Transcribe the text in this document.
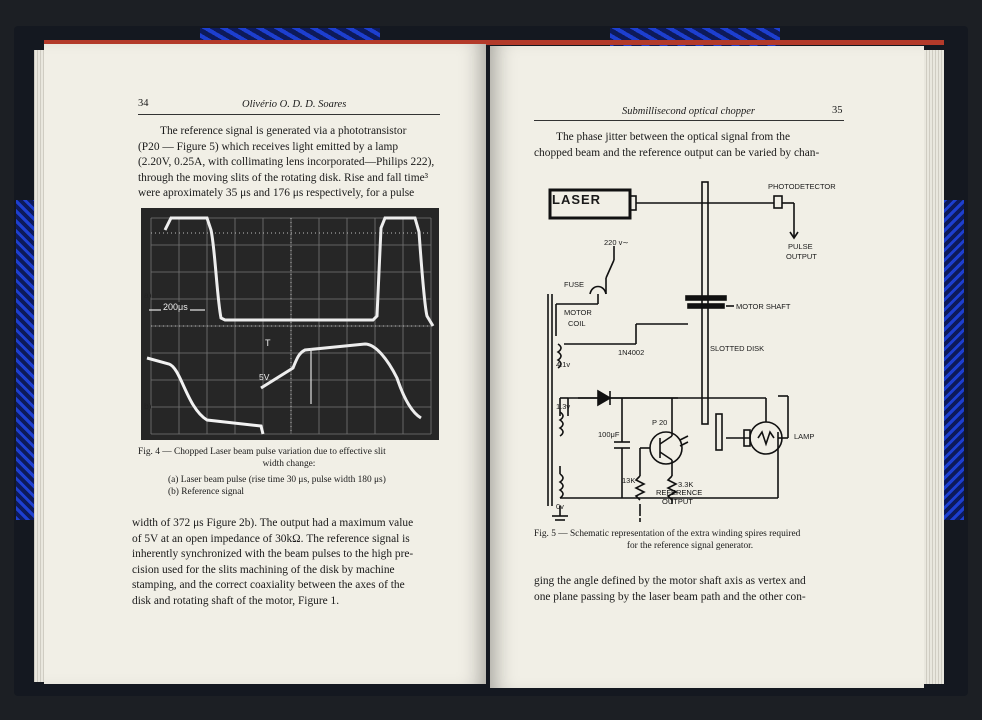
34	Olivério O. D. D. Soares
The reference signal is generated via a phototransistor
(P20 — Figure 5) which receives light emitted by a lamp
(2.20V, 0.25A, with collimating lens incorporated—Philips 222),
through the moving slits of the rotating disk. Rise and fall time³
were aproximately 35 μs and 176 μs respectively, for a pulse
200μs
5V
T
a)
b)
Fig. 4 — Chopped Laser beam pulse variation due to effective slit
width change:
(a) Laser beam pulse (rise time 30 μs, pulse width 180 μs)
(b) Reference signal
width of 372 μs Figure 2b). The output had a maximum value
of 5V at an open impedance of 30kΩ. The reference signal is
inherently synchronized with the beam pulses to the high pre-
cision used for the slits machining of the disk by machine
stamping, and the correct coaxiality between the axes of the
disk and rotating shaft of the motor, Figure 1.
Submillisecond optical chopper	35
The phase jitter between the optical signal from the
chopped beam and the reference output can be varied by chan-
LASER
PHOTODETECTOR
PULSE
OUTPUT
220 v∼
FUSE
MOTOR
COIL
MOTOR SHAFT
SLOTTED DISK
1N4002
4.1v
1.3v
0v
P 20
100μF	LAMP
13K	3.3K
REFERENCE
OUTPUT
Fig. 5 — Schematic representation of the extra winding spires required
for the reference signal generator.
ging the angle defined by the motor shaft axis as vertex and
one plane passing by the laser beam path and the other con-
